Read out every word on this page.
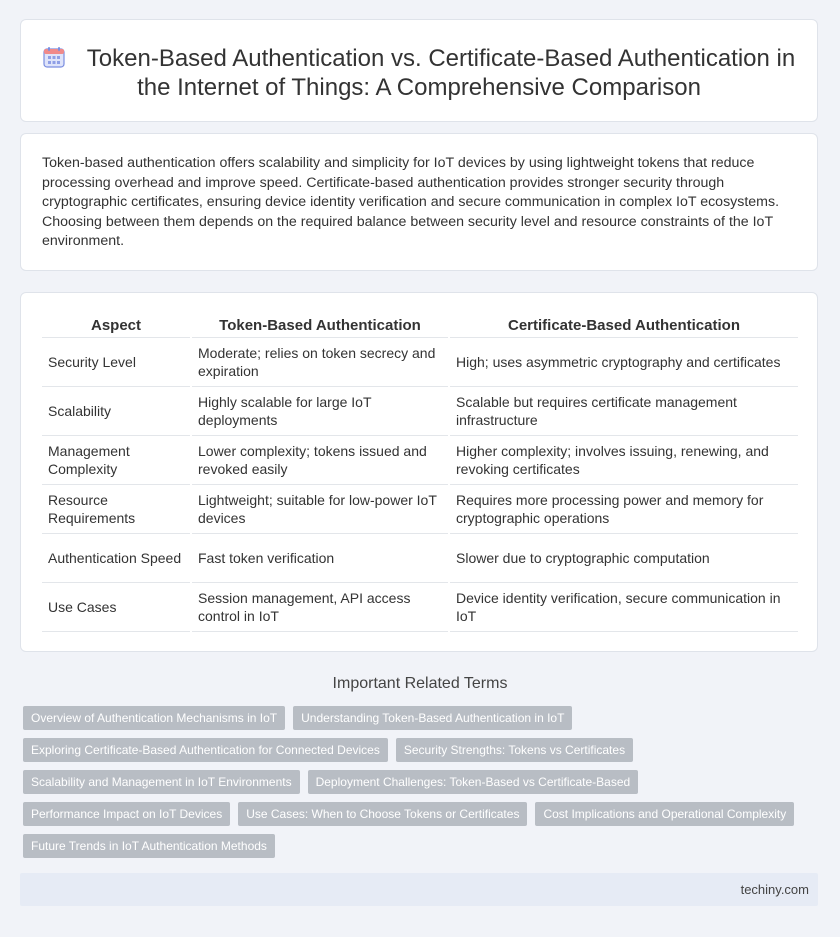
Token-Based Authentication vs. Certificate-Based Authentication in the Internet of Things: A Comprehensive Comparison

Token-based authentication offers scalability and simplicity for IoT devices by using lightweight tokens that reduce processing overhead and improve speed. Certificate-based authentication provides stronger security through cryptographic certificates, ensuring device identity verification and secure communication in complex IoT ecosystems. Choosing between them depends on the required balance between security level and resource constraints of the IoT environment.

Aspect	Token-Based Authentication	Certificate-Based Authentication
Security Level	Moderate; relies on token secrecy and expiration	High; uses asymmetric cryptography and certificates
Scalability	Highly scalable for large IoT deployments	Scalable but requires certificate management infrastructure
Management Complexity	Lower complexity; tokens issued and revoked easily	Higher complexity; involves issuing, renewing, and revoking certificates
Resource Requirements	Lightweight; suitable for low-power IoT devices	Requires more processing power and memory for cryptographic operations
Authentication Speed	Fast token verification	Slower due to cryptographic computation
Use Cases	Session management, API access control in IoT	Device identity verification, secure communication in IoT
Important Related Terms
Overview of Authentication Mechanisms in IoT	Understanding Token-Based Authentication in IoT
Exploring Certificate-Based Authentication for Connected Devices	Security Strengths: Tokens vs Certificates
Scalability and Management in IoT Environments	Deployment Challenges: Token-Based vs Certificate-Based
Performance Impact on IoT Devices	Use Cases: When to Choose Tokens or Certificates	Cost Implications and Operational Complexity
Future Trends in IoT Authentication Methods
techiny.com
